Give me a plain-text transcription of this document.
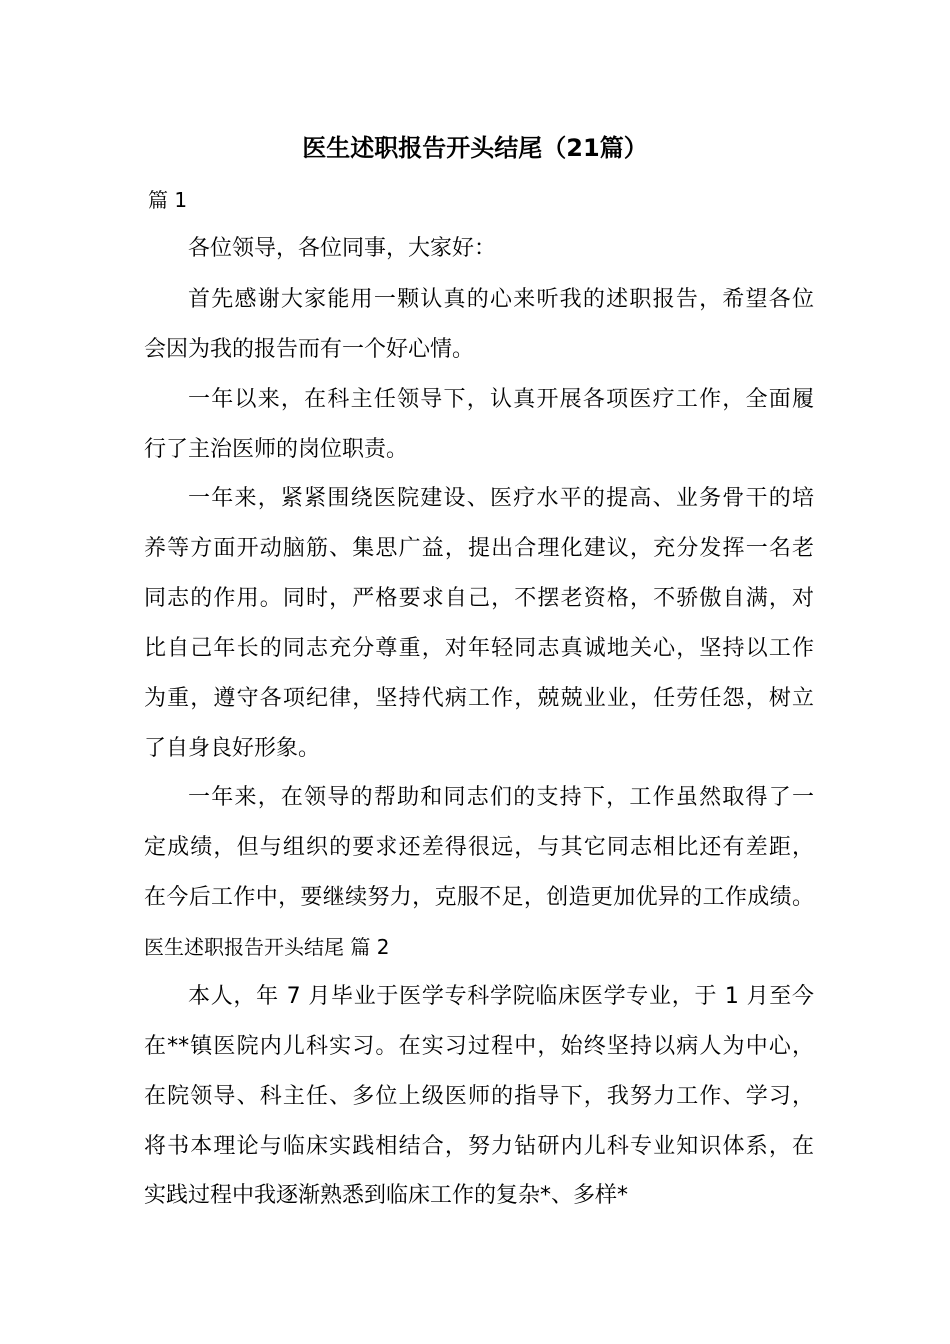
医生述职报告开头结尾（21篇）
篇 1
各位领导，各位同事，大家好：
首先感谢大家能用一颗认真的心来听我的述职报告，希望各位
会因为我的报告而有一个好心情。
一年以来，在科主任领导下，认真开展各项医疗工作，全面履
行了主治医师的岗位职责。
一年来，紧紧围绕医院建设、医疗水平的提高、业务骨干的培
养等方面开动脑筋、集思广益，提出合理化建议，充分发挥一名老
同志的作用。同时，严格要求自己，不摆老资格，不骄傲自满，对
比自己年长的同志充分尊重，对年轻同志真诚地关心，坚持以工作
为重，遵守各项纪律，坚持代病工作，兢兢业业，任劳任怨，树立
了自身良好形象。
一年来，在领导的帮助和同志们的支持下，工作虽然取得了一
定成绩，但与组织的要求还差得很远，与其它同志相比还有差距，
在今后工作中，要继续努力，克服不足，创造更加优异的工作成绩。
医生述职报告开头结尾 篇 2
本人，年 7 月毕业于医学专科学院临床医学专业，于 1 月至今
在**镇医院内儿科实习。在实习过程中，始终坚持以病人为中心，
在院领导、科主任、多位上级医师的指导下，我努力工作、学习，
将书本理论与临床实践相结合，努力钻研内儿科专业知识体系，在
实践过程中我逐渐熟悉到临床工作的复杂*、多样*
